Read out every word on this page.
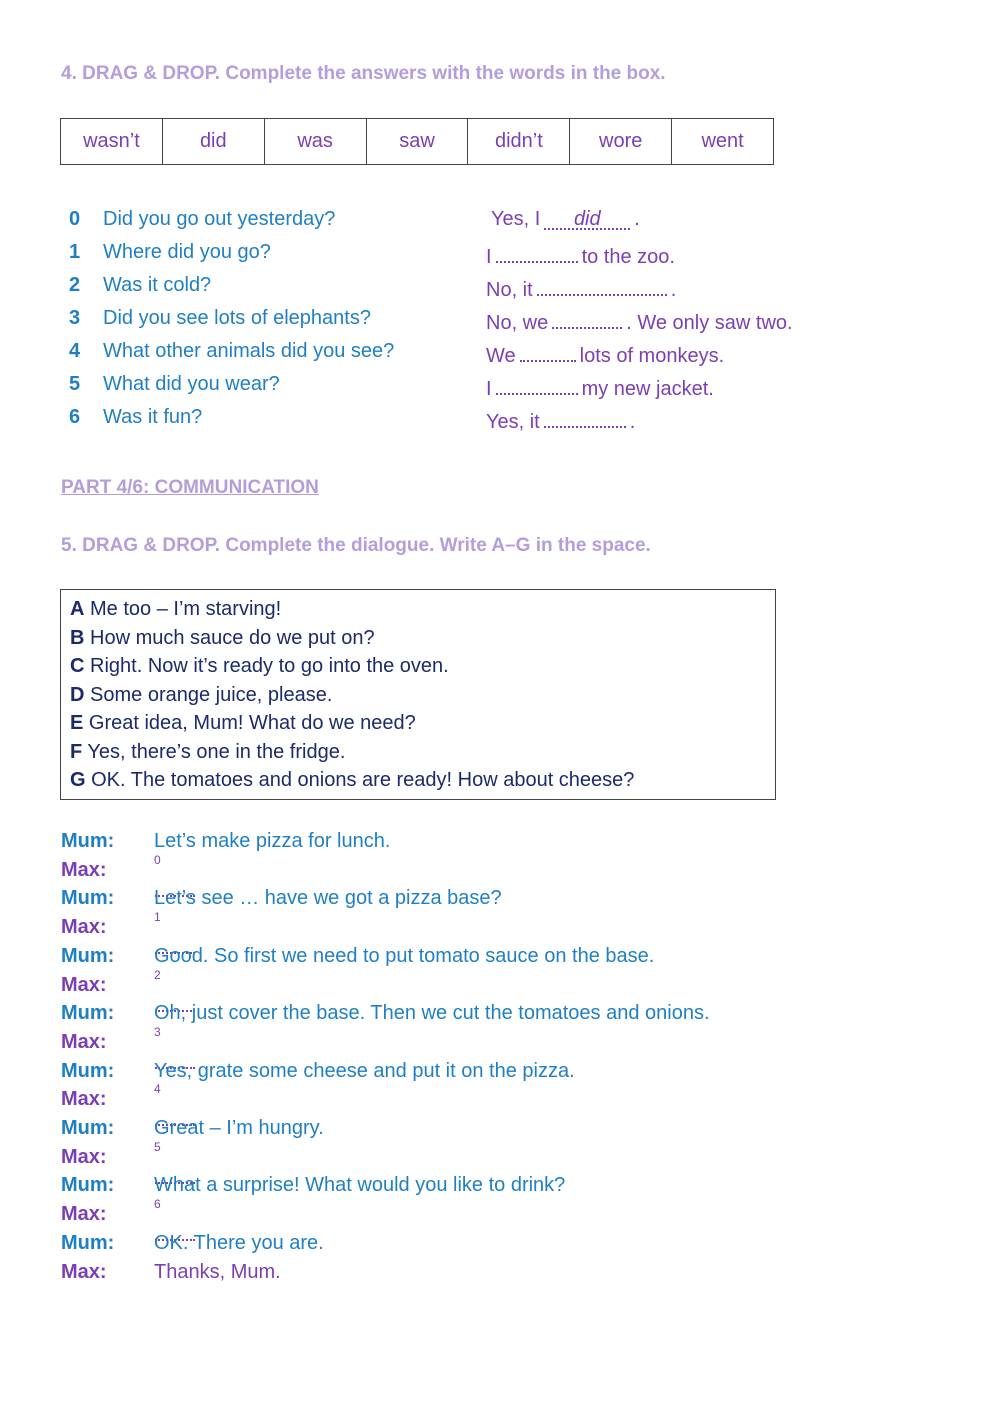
4. DRAG & DROP. Complete the answers with the words in the box.
wasn’t	did	was	saw	didn’t	wore	went
0 Did you go out yesterday?	Yes, I did .
1 Where did you go?	I	to the zoo.
2 Was it cold?	No, it	.
3 Did you see lots of elephants?	No, we	. We only saw two.
4 What other animals did you see?	We	lots of monkeys.
5 What did you wear?	I	my new jacket.
6 Was it fun?	Yes, it	.
PART 4/6: COMMUNICATION
5. DRAG & DROP. Complete the dialogue. Write A–G in the space.
A Me too – I’m starving!
B How much sauce do we put on?
C Right. Now it’s ready to go into the oven.
D Some orange juice, please.
E Great idea, Mum! What do we need?
F Yes, there’s one in the fridge.
G OK. The tomatoes and onions are ready! How about cheese?
Mum: Let’s make pizza for lunch.
Max:	$^0$

Mum: Let’s see … have we got a pizza base?
Max:	$^1$

Mum: Good. So first we need to put tomato sauce on the base.
Max:	$^2$

Mum: Oh, just cover the base. Then we cut the tomatoes and onions.
Max:	$^3$

Mum: Yes, grate some cheese and put it on the pizza.
Max:	$^4$

Mum: Great – I’m hungry.
Max:	$^5$

Mum: What a surprise! What would you like to drink?
Max:	$^6$

Mum: OK. There you are.
Max: Thanks, Mum.
